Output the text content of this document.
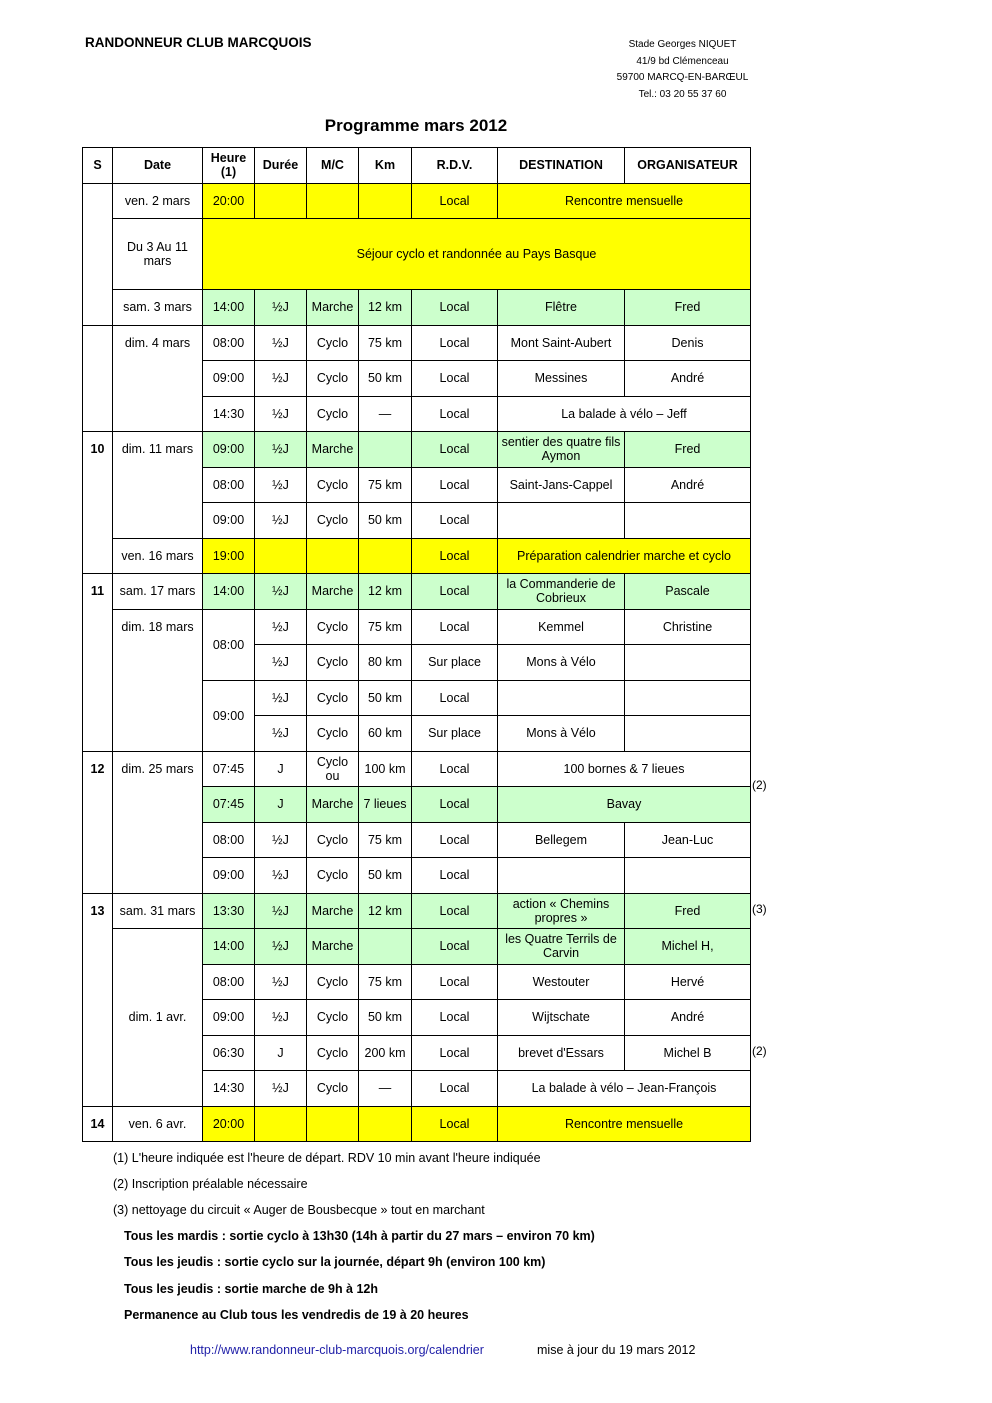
RANDONNEUR CLUB MARCQUOIS	Stade Georges NIQUET
41/9 bd Clémenceau
59700 MARCQ-EN-BARŒUL
Tel.: 03 20 55 37 60
Programme mars 2012
S	Date	Heure (1)	Durée	M/C	Km	R.D.V.	DESTINATION	ORGANISATEUR
	ven. 2 mars	20:00				Local	Rencontre mensuelle	
	Du 3 Au 11 mars	Séjour cyclo et randonnée au Pays Basque						
	sam. 3 mars	14:00	½J	Marche	12 km	Local	Flêtre	Fred
	dim. 4 mars	08:00	½J	Cyclo	75 km	Local	Mont Saint-Aubert	Denis
		09:00	½J	Cyclo	50 km	Local	Messines	André
		14:30	½J	Cyclo	—	Local	La balade à vélo – Jeff	
10	dim. 11 mars	09:00	½J	Marche		Local	sentier des quatre fils Aymon	Fred
		08:00	½J	Cyclo	75 km	Local	Saint-Jans-Cappel	André
		09:00	½J	Cyclo	50 km	Local		
	ven. 16 mars	19:00				Local	Préparation calendrier marche et cyclo	
11	sam. 17 mars	14:00	½J	Marche	12 km	Local	la Commanderie de Cobrieux	Pascale
	dim. 18 mars	08:00	½J	Cyclo	75 km	Local	Kemmel	Christine
			½J	Cyclo	80 km	Sur place	Mons à Vélo	
		09:00	½J	Cyclo	50 km	Local		
			½J	Cyclo	60 km	Sur place	Mons à Vélo	
12	dim. 25 mars	07:45	J	Cyclo ou	100 km	Local	100 bornes & 7 lieues	
		07:45	J	Marche	7 lieues	Local	Bavay	
		08:00	½J	Cyclo	75 km	Local	Bellegem	Jean-Luc
		09:00	½J	Cyclo	50 km	Local		
13	sam. 31 mars	13:30	½J	Marche	12 km	Local	action « Chemins propres »	Fred
	dim. 1 avr.	14:00	½J	Marche		Local	les Quatre Terrils de Carvin	Michel H,
		08:00	½J	Cyclo	75 km	Local	Westouter	Hervé
		09:00	½J	Cyclo	50 km	Local	Wijtschate	André
		06:30	J	Cyclo	200 km	Local	brevet d'Essars	Michel B
		14:30	½J	Cyclo	—	Local	La balade à vélo – Jean-François	
14	ven. 6 avr.	20:00				Local	Rencontre mensuelle	
(2)
(3)
(2)
(1) L'heure indiquée est l'heure de départ. RDV 10 min avant l'heure indiquée
(2) Inscription préalable nécessaire
(3) nettoyage du circuit « Auger de Bousbecque » tout en marchant
Tous les mardis : sortie cyclo à 13h30 (14h à partir du 27 mars – environ 70 km)
Tous les jeudis : sortie cyclo sur la journée, départ 9h (environ 100 km)
Tous les jeudis : sortie marche de 9h à 12h
Permanence au Club tous les vendredis de 19 à 20 heures
http://www.randonneur-club-marcquois.org/calendrier	mise à jour du 19 mars 2012
